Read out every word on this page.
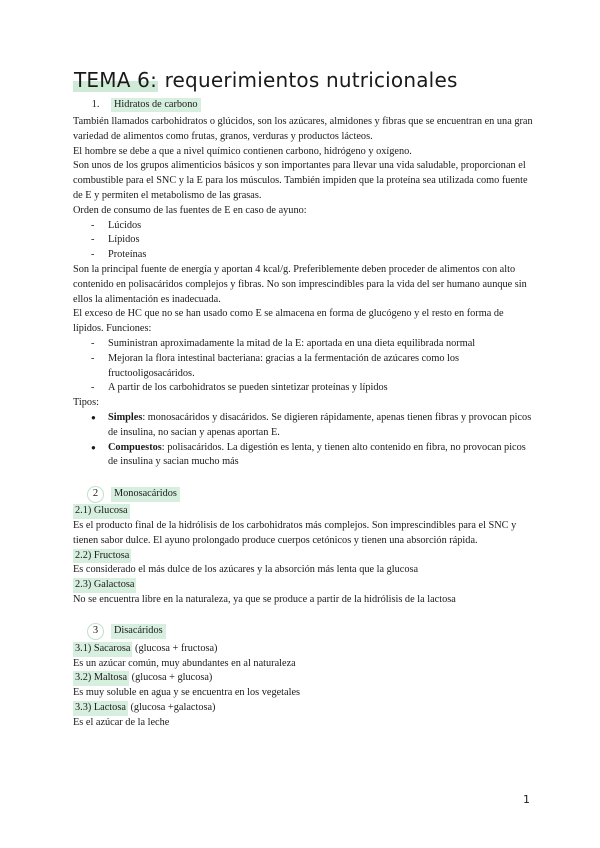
TEMA 6: requerimientos nutricionales
1.	Hidratos de carbono

También llamados carbohidratos o glúcidos, son los azúcares, almidones y fibras que se encuentran en una gran variedad de alimentos como frutas, granos, verduras y productos lácteos.

El hombre se debe a que a nivel químico contienen carbono, hidrógeno y oxígeno.

Son unos de los grupos alimenticios básicos y son importantes para llevar una vida saludable, proporcionan el combustible para el SNC y la E para los músculos. También impiden que la proteína sea utilizada como fuente de E y permiten el metabolismo de las grasas.

Orden de consumo de las fuentes de E en caso de ayuno:

- Lúcidos
- Lípidos
- Proteínas

Son la principal fuente de energía y aportan 4 kcal/g. Preferiblemente deben proceder de alimentos con alto contenido en polisacáridos complejos y fibras. No son imprescindibles para la vida del ser humano aunque sin ellos la alimentación es inadecuada.

El exceso de HC que no se han usado como E se almacena en forma de glucógeno y el resto en forma de lípidos. Funciones:

- Suministran aproximadamente la mitad de la E: aportada en una dieta equilibrada normal
- Mejoran la flora intestinal bacteriana: gracias a la fermentación de azúcares como los fructooligosacáridos.
- A partir de los carbohidratos se pueden sintetizar proteínas y lípidos

Tipos:

● Simples: monosacáridos y disacáridos. Se digieren rápidamente, apenas tienen fibras y provocan picos de insulina, no sacian y apenas aportan E.
● Compuestos: polisacáridos. La digestión es lenta, y tienen alto contenido en fibra, no provocan picos de insulina y sacian mucho más
2	Monosacáridos

2.1) Glucosa

Es el producto final de la hidrólisis de los carbohidratos más complejos. Son imprescindibles para el SNC y tienen sabor dulce. El ayuno prolongado produce cuerpos cetónicos y tienen una absorción rápida.

2.2) Fructosa

Es considerado el más dulce de los azúcares y la absorción más lenta que la glucosa

2.3) Galactosa

No se encuentra libre en la naturaleza, ya que se produce a partir de la hidrólisis de la lactosa

3	Disacáridos

3.1) Sacarosa (glucosa + fructosa)

Es un azúcar común, muy abundantes en al naturaleza

3.2) Maltosa (glucosa + glucosa)

Es muy soluble en agua y se encuentra en los vegetales

3.3) Lactosa (glucosa +galactosa)

Es el azúcar de la leche

1
